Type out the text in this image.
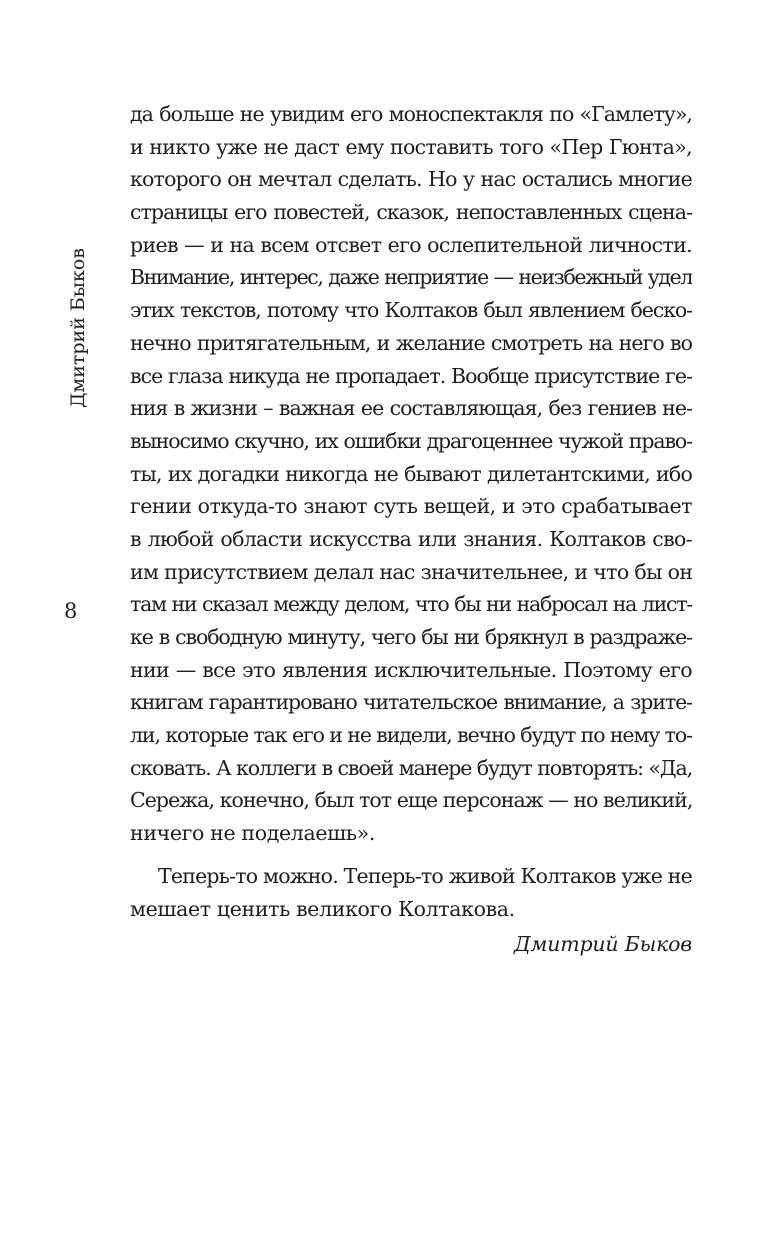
Дмитрий Быков
8
да больше не увидим его моноспектакля по «Гамлету»,
и никто уже не даст ему поставить того «Пер Гюнта»,
которого он мечтал сделать. Но у нас остались многие
страницы его повестей, сказок, непоставленных сцена-
риев — и на всем отсвет его ослепительной личности.
Внимание, интерес, даже неприятие — неизбежный удел
этих текстов, потому что Колтаков был явлением беско-
нечно притягательным, и желание смотреть на него во
все глаза никуда не пропадает. Вообще присутствие ге-
ния в жизни – важная ее составляющая, без гениев не-
выносимо скучно, их ошибки драгоценнее чужой право-
ты, их догадки никогда не бывают дилетантскими, ибо
гении откуда-то знают суть вещей, и это срабатывает
в любой области искусства или знания. Колтаков сво-
им присутствием делал нас значительнее, и что бы он
там ни сказал между делом, что бы ни набросал на лист-
ке в свободную минуту, чего бы ни брякнул в раздраже-
нии — все это явления исключительные. Поэтому его
книгам гарантировано читательское внимание, а зрите-
ли, которые так его и не видели, вечно будут по нему то-
сковать. А коллеги в своей манере будут повторять: «Да,
Сережа, конечно, был тот еще персонаж — но великий,
ничего не поделаешь».
Теперь-то можно. Теперь-то живой Колтаков уже не
мешает ценить великого Колтакова.
Дмитрий Быков
